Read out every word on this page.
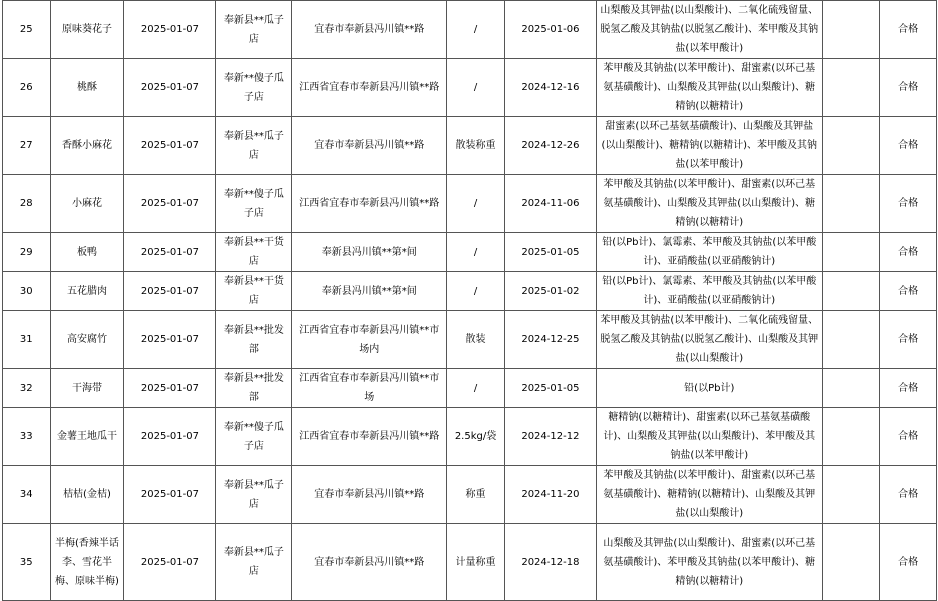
25	原味葵花子	2025-01-07	奉新县**瓜子店	宜春市奉新县冯川镇**路	/	2025-01-06	山梨酸及其钾盐(以山梨酸计)、二氧化硫残留量、脱氢乙酸及其钠盐(以脱氢乙酸计)、苯甲酸及其钠盐(以苯甲酸计)		合格
26	桃酥	2025-01-07	奉新**傻子瓜子店	江西省宜春市奉新县冯川镇**路	/	2024-12-16	苯甲酸及其钠盐(以苯甲酸计)、甜蜜素(以环己基氨基磺酸计)、山梨酸及其钾盐(以山梨酸计)、糖精钠(以糖精计)		合格
27	香酥小麻花	2025-01-07	奉新县**瓜子店	宜春市奉新县冯川镇**路	散装称重	2024-12-26	甜蜜素(以环己基氨基磺酸计)、山梨酸及其钾盐(以山梨酸计)、糖精钠(以糖精计)、苯甲酸及其钠盐(以苯甲酸计)		合格
28	小麻花	2025-01-07	奉新**傻子瓜子店	江西省宜春市奉新县冯川镇**路	/	2024-11-06	苯甲酸及其钠盐(以苯甲酸计)、甜蜜素(以环己基氨基磺酸计)、山梨酸及其钾盐(以山梨酸计)、糖精钠(以糖精计)		合格
29	板鸭	2025-01-07	奉新县**干货店	奉新县冯川镇**第*间	/	2025-01-05	铅(以Pb计)、氯霉素、苯甲酸及其钠盐(以苯甲酸计)、亚硝酸盐(以亚硝酸钠计)		合格
30	五花腊肉	2025-01-07	奉新县**干货店	奉新县冯川镇**第*间	/	2025-01-02	铅(以Pb计)、氯霉素、苯甲酸及其钠盐(以苯甲酸计)、亚硝酸盐(以亚硝酸钠计)		合格
31	高安腐竹	2025-01-07	奉新县**批发部	江西省宜春市奉新县冯川镇**市场内	散装	2024-12-25	苯甲酸及其钠盐(以苯甲酸计)、二氧化硫残留量、脱氢乙酸及其钠盐(以脱氢乙酸计)、山梨酸及其钾盐(以山梨酸计)		合格
32	干海带	2025-01-07	奉新县**批发部	江西省宜春市奉新县冯川镇**市场	/	2025-01-05	铅(以Pb计)		合格
33	金薯王地瓜干	2025-01-07	奉新**傻子瓜子店	江西省宜春市奉新县冯川镇**路	2.5kg/袋	2024-12-12	糖精钠(以糖精计)、甜蜜素(以环己基氨基磺酸计)、山梨酸及其钾盐(以山梨酸计)、苯甲酸及其钠盐(以苯甲酸计)		合格
34	桔桔(金桔)	2025-01-07	奉新县**瓜子店	宜春市奉新县冯川镇**路	称重	2024-11-20	苯甲酸及其钠盐(以苯甲酸计)、甜蜜素(以环己基氨基磺酸计)、糖精钠(以糖精计)、山梨酸及其钾盐(以山梨酸计)		合格
35	半梅(香辣半话李、雪花半梅、原味半梅)	2025-01-07	奉新县**瓜子店	宜春市奉新县冯川镇**路	计量称重	2024-12-18	山梨酸及其钾盐(以山梨酸计)、甜蜜素(以环己基氨基磺酸计)、苯甲酸及其钠盐(以苯甲酸计)、糖精钠(以糖精计)		合格
